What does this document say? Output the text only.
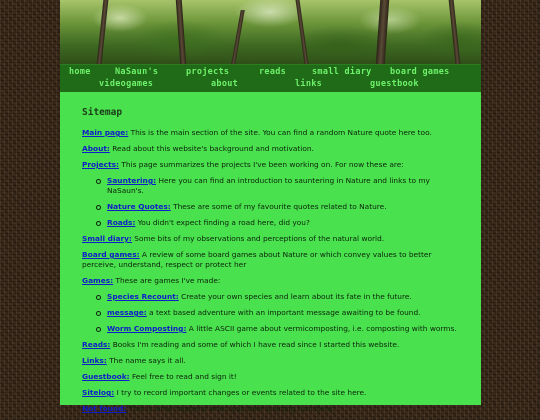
home	NaSaun's	projects	reads	small diary board games
videogames	about	links	guestbook
Sitemap
Main page: This is the main section of the site. You can find a random Nature quote here too.
About: Read about this website's background and motivation.
Projects: This page summarizes the projects I've been working on. For now these are:
Sauntering: Here you can find an introduction to sauntering in Nature and links to my NaSaun's.
Nature Quotes: These are some of my favourite quotes related to Nature.
Roads: You didn't expect finding a road here, did you?
Small diary: Some bits of my observations and perceptions of the natural world.
Board games: A review of some board games about Nature or which convey values to better perceive, understand, respect or protect her
Games: These are games I've made:
Species Recount: Create your own species and learn about its fate in the future.
message: a text based adventure with an important message awaiting to be found.
Worm Composting: A little ASCII game about vermicomposting, i.e. composting with worms.
Reads: Books I'm reading and some of which I have read since I started this website.
Links: The name says it all.
Guestbook: Feel free to read and sign it!
Sitelog: I try to record important changes or events related to the site here.
Not found: This is what happens when you take a wrong turn here.
